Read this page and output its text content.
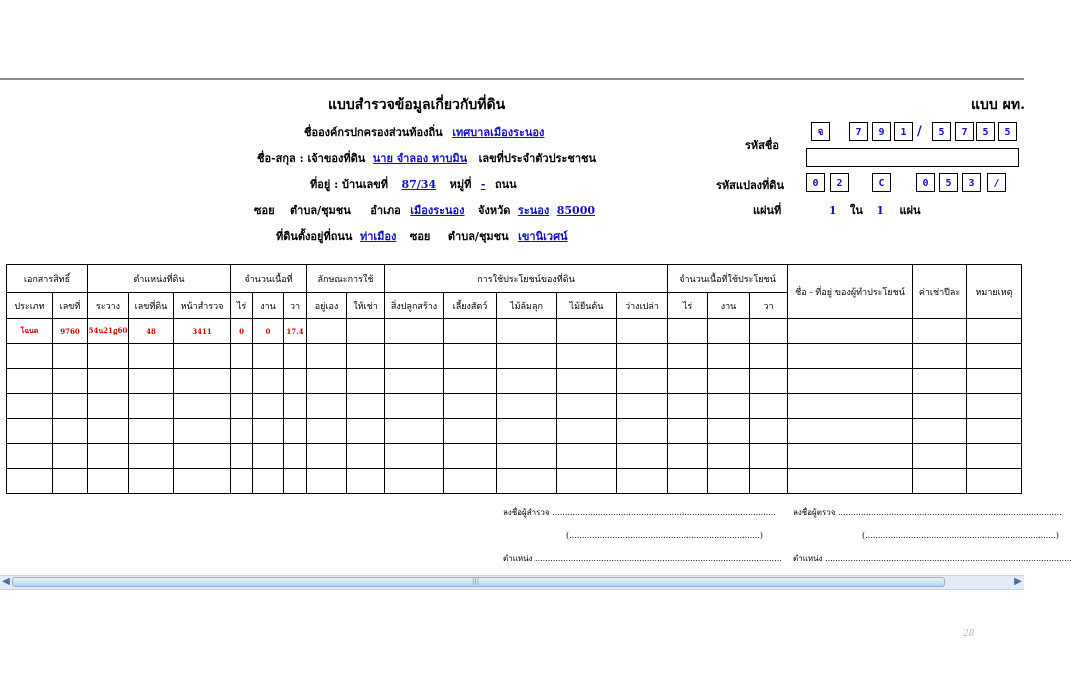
แบบสำรวจข้อมูลเกี่ยวกับที่ดิน	แบบ ผท.
ชื่อองค์กรปกครองส่วนท้องถิ่น เทศบาลเมืองระนอง
ชื่อ-สกุล : เจ้าของที่ดิน นาย จำลอง หาบมิน เลขที่ประจำตัวประชาชน
ที่อยู่ : บ้านเลขที่ 87/34 หมู่ที่ - ถนน
ซอย ตำบล/ชุมชน อำเภอ เมืองระนอง จังหวัด ระนอง 85000
ที่ดินตั้งอยู่ที่ถนน ท่าเมือง ซอย ตำบล/ชุมชน เขานิเวศน์
รหัสชื่อ
จ	7	9	1 /	5	7	5	5
รหัสแปลงที่ดิน	0	2	C	0	5	3	/
แผ่นที่	1 ใน 1 แผ่น
เอกสารสิทธิ์		ตำแหน่งที่ดิน			จำนวนเนื้อที่			ลักษณะการใช้		การใช้ประโยชน์ของที่ดิน					จำนวนเนื้อที่ใช้ประโยชน์			ชื่อ - ที่อยู่ ของผู้ทำประโยชน์	ค่าเช่าปีละ	หมายเหตุ
ประเภท	เลขที่	ระวาง	เลขที่ดิน	หน้าสำรวจ	ไร่	งาน	วา	อยู่เอง	ให้เช่า	สิ่งปลูกสร้าง	เลี้ยงสัตว์	ไม้ล้มลุก	ไม้ยืนต้น	ว่างเปล่า	ไร่	งาน	วา			
โฉนด	9760	54น21ฏ60	48	3411	0	0	17.4													

ลงชื่อผู้สำรวจ ........................................................................................
(...........................................................................)
ตำแหน่ง .................................................................................................
ลงชื่อผู้ตรวจ ........................................................................................
(...........................................................................)
ตำแหน่ง .................................................................................................
◀	|||	▶
28
